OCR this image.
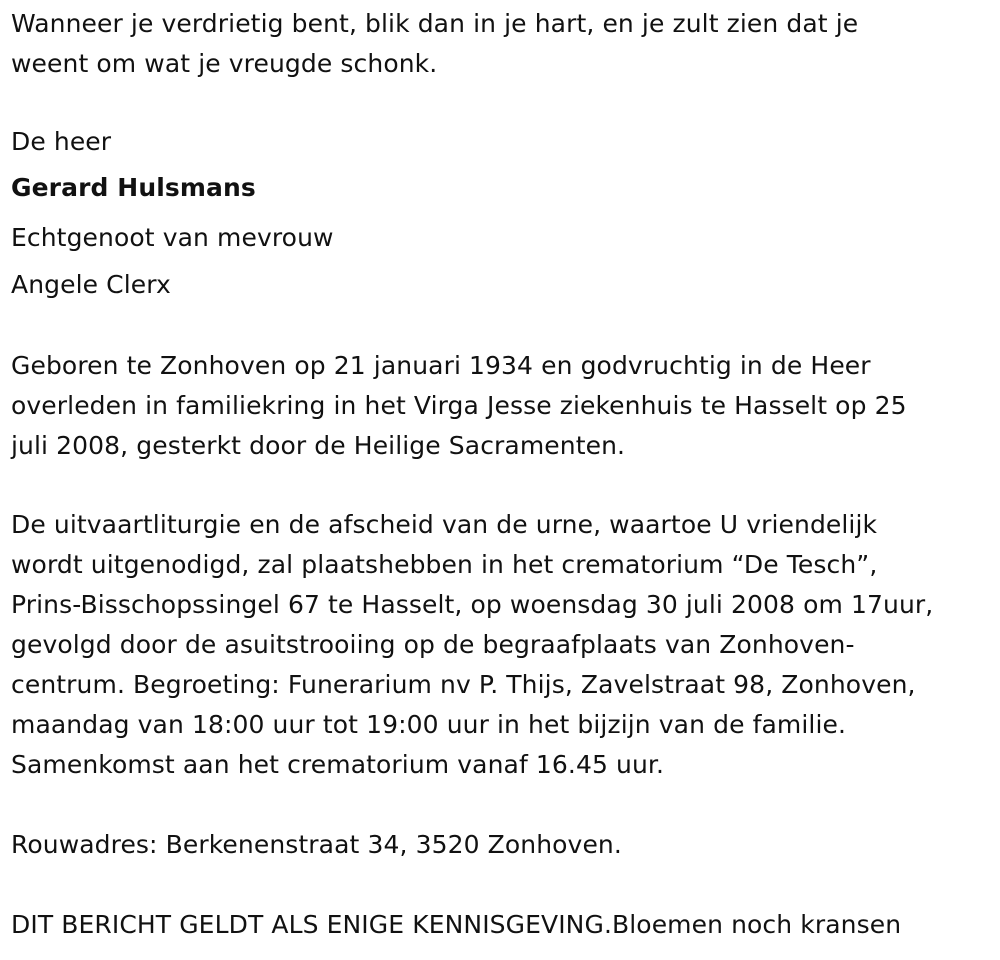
Wanneer je verdrietig bent, blik dan in je hart, en je zult zien dat je
weent om wat je vreugde schonk.
De heer
Gerard Hulsmans
Echtgenoot van mevrouw
Angele Clerx
Geboren te Zonhoven op 21 januari 1934 en godvruchtig in de Heer
overleden in familiekring in het Virga Jesse ziekenhuis te Hasselt op 25
juli 2008, gesterkt door de Heilige Sacramenten.
De uitvaartliturgie en de afscheid van de urne, waartoe U vriendelijk
wordt uitgenodigd, zal plaatshebben in het crematorium “De Tesch”,
Prins-Bisschopssingel 67 te Hasselt, op woensdag 30 juli 2008 om 17uur,
gevolgd door de asuitstrooiing op de begraafplaats van Zonhoven-
centrum. Begroeting: Funerarium nv P. Thijs, Zavelstraat 98, Zonhoven,
maandag van 18:00 uur tot 19:00 uur in het bijzijn van de familie.
Samenkomst aan het crematorium vanaf 16.45 uur.
Rouwadres: Berkenenstraat 34, 3520 Zonhoven.
DIT BERICHT GELDT ALS ENIGE KENNISGEVING.Bloemen noch kransen
